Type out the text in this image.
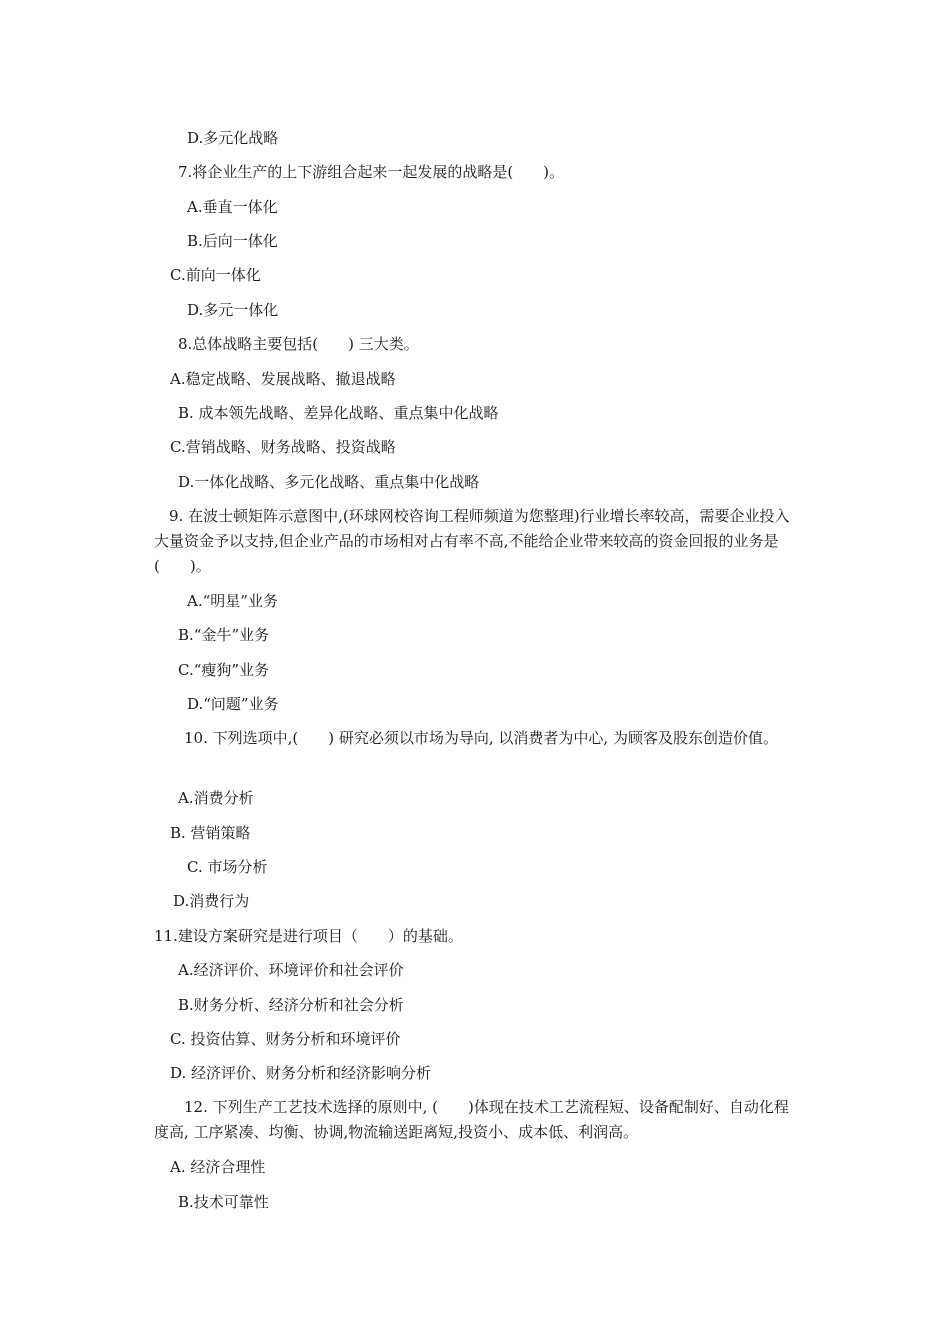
D.多元化战略
7.将企业生产的上下游组合起来一起发展的战略是(　　)。
A.垂直一体化
B.后向一体化
C.前向一体化
D.多元一体化
8.总体战略主要包括(　　) 三大类。
A.稳定战略、发展战略、撤退战略
B. 成本领先战略、差异化战略、重点集中化战略
C.营销战略、财务战略、投资战略
D.一体化战略、多元化战略、重点集中化战略
　9. 在波士顿矩阵示意图中,(环球网校咨询工程师频道为您整理)行业增长率较高，需要企业投入大量资金予以支持,但企业产品的市场相对占有率不高,不能给企业带来较高的资金回报的业务是(　　)。
A.“明星”业务
B.“金牛”业务
C.“瘦狗”业务
D.“问题”业务
　　10. 下列选项中,(　　) 研究必须以市场为导向, 以消费者为中心, 为顾客及股东创造价值。
A.消费分析
B. 营销策略
C. 市场分析
D.消费行为
11.建设方案研究是进行项目（　　）的基础。
A.经济评价、环境评价和社会评价
B.财务分析、经济分析和社会分析
C. 投资估算、财务分析和环境评价
D. 经济评价、财务分析和经济影响分析
　　12. 下列生产工艺技术选择的原则中, (　　)体现在技术工艺流程短、设备配制好、自动化程度高, 工序紧凑、均衡、协调,物流输送距离短,投资小、成本低、利润高。
A. 经济合理性
B.技术可靠性
